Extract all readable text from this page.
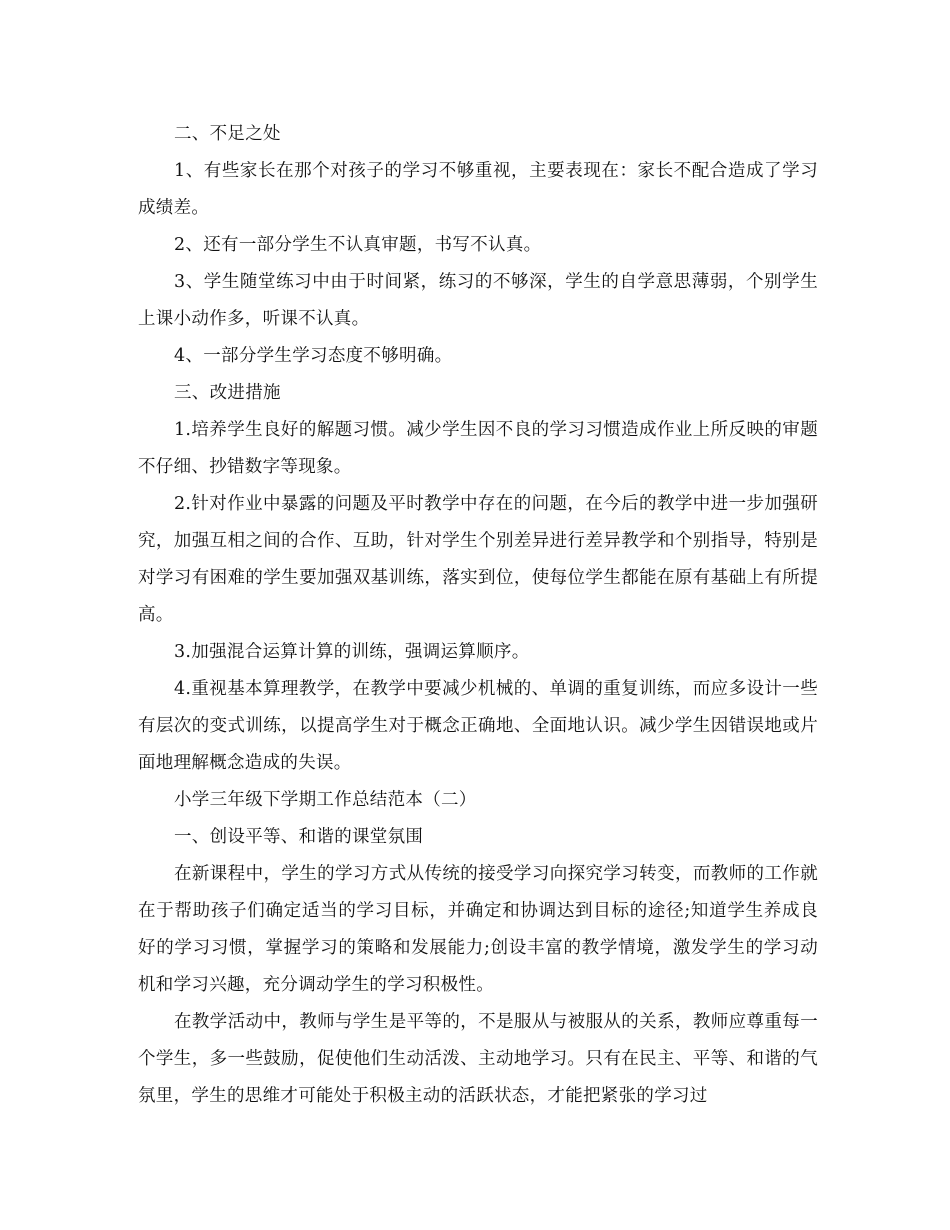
二、不足之处

1、有些家长在那个对孩子的学习不够重视，主要表现在：家长不配合造成了学习成绩差。

2、还有一部分学生不认真审题，书写不认真。

3、学生随堂练习中由于时间紧，练习的不够深，学生的自学意思薄弱，个别学生上课小动作多，听课不认真。

4、一部分学生学习态度不够明确。

三、改进措施

1.培养学生良好的解题习惯。减少学生因不良的学习习惯造成作业上所反映的审题不仔细、抄错数字等现象。

2.针对作业中暴露的问题及平时教学中存在的问题，在今后的教学中进一步加强研究，加强互相之间的合作、互助，针对学生个别差异进行差异教学和个别指导，特别是对学习有困难的学生要加强双基训练，落实到位，使每位学生都能在原有基础上有所提高。

3.加强混合运算计算的训练，强调运算顺序。

4.重视基本算理教学，在教学中要减少机械的、单调的重复训练，而应多设计一些有层次的变式训练，以提高学生对于概念正确地、全面地认识。减少学生因错误地或片面地理解概念造成的失误。

小学三年级下学期工作总结范本（二）

一、创设平等、和谐的课堂氛围

在新课程中，学生的学习方式从传统的接受学习向探究学习转变，而教师的工作就在于帮助孩子们确定适当的学习目标，并确定和协调达到目标的途径;知道学生养成良好的学习习惯，掌握学习的策略和发展能力;创设丰富的教学情境，激发学生的学习动机和学习兴趣，充分调动学生的学习积极性。

在教学活动中，教师与学生是平等的，不是服从与被服从的关系，教师应尊重每一个学生，多一些鼓励，促使他们生动活泼、主动地学习。只有在民主、平等、和谐的气氛里，学生的思维才可能处于积极主动的活跃状态，才能把紧张的学习过
